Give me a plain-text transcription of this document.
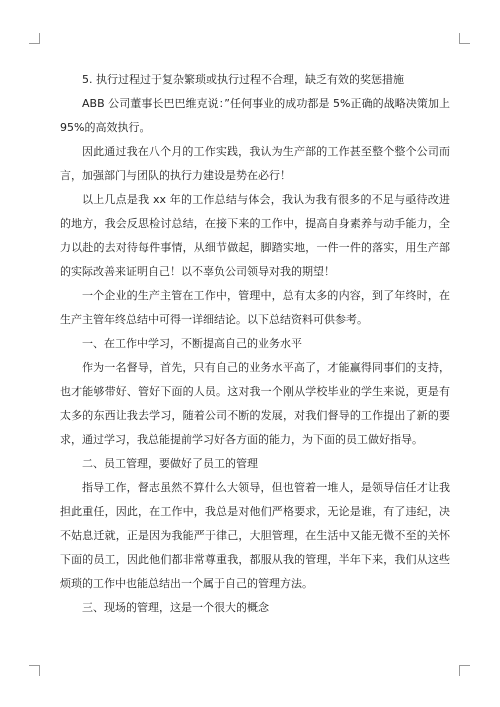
5. 执行过程过于复杂繁琐或执行过程不合理，缺乏有效的奖惩措施

ABB 公司董事长巴巴维克说：”任何事业的成功都是 5%正确的战略决策加上 95%的高效执行。

因此通过我在八个月的工作实践，我认为生产部的工作甚至整个整个公司而言，加强部门与团队的执行力建设是势在必行！

以上几点是我 xx 年的工作总结与体会，我认为我有很多的不足与亟待改进的地方，我会反思检讨总结，在接下来的工作中，提高自身素养与动手能力，全力以赴的去对待每件事情，从细节做起，脚踏实地，一件一件的落实，用生产部的实际改善来证明自己！以不辜负公司领导对我的期望！

一个企业的生产主管在工作中，管理中，总有太多的内容，到了年终时，在生产主管年终总结中可得一详细结论。以下总结资料可供参考。

一、在工作中学习，不断提高自己的业务水平

作为一名督导，首先，只有自己的业务水平高了，才能赢得同事们的支持，也才能够带好、管好下面的人员。这对我一个刚从学校毕业的学生来说，更是有太多的东西让我去学习，随着公司不断的发展，对我们督导的工作提出了新的要求，通过学习，我总能提前学习好各方面的能力，为下面的员工做好指导。

二、员工管理，要做好了员工的管理

指导工作，督志虽然不算什么大领导，但也管着一堆人，是领导信任才让我担此重任，因此，在工作中，我总是对他们严格要求，无论是谁，有了违纪，决不姑息迁就，正是因为我能严于律己，大胆管理，在生活中又能无微不至的关怀下面的员工，因此他们都非常尊重我，都服从我的管理，半年下来，我们从这些烦琐的工作中也能总结出一个属于自己的管理方法。

三、现场的管理，这是一个很大的概念
